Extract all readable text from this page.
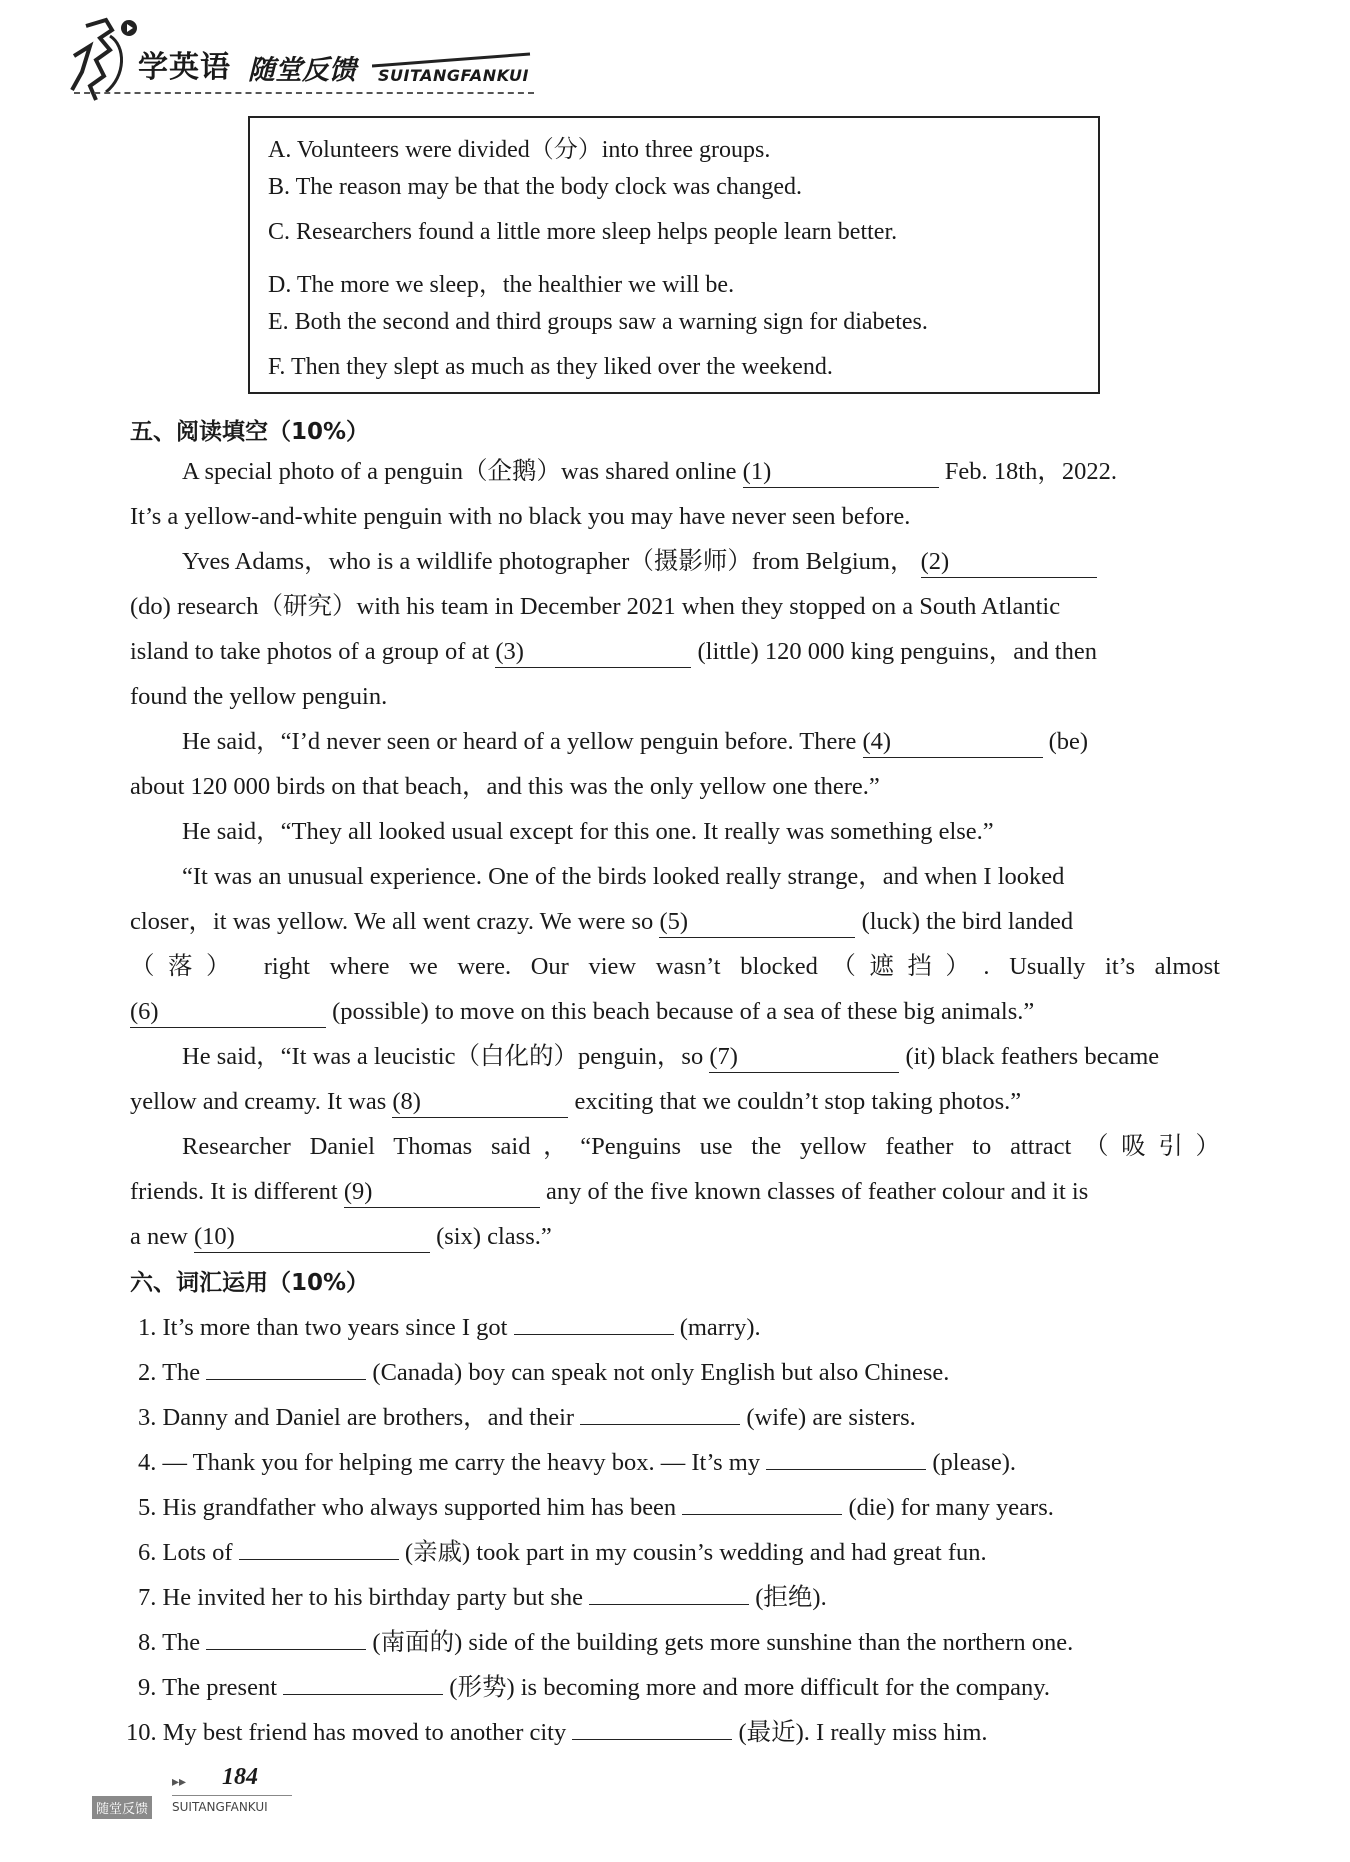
学英语 随堂反馈 SUITANGFANKUI
A. Volunteers were divided（分）into three groups.
B. The reason may be that the body clock was changed.
C. Researchers found a little more sleep helps people learn better.
D. The more we sleep，the healthier we will be.
E. Both the second and third groups saw a warning sign for diabetes.
F. Then they slept as much as they liked over the weekend.
五、阅读填空（10%）
A special photo of a penguin（企鹅）was shared online (1)	Feb. 18th，2022.
It’s a yellow-and-white penguin with no black you may have never seen before.
Yves Adams，who is a wildlife photographer（摄影师）from Belgium， (2)
(do) research（研究）with his team in December 2021 when they stopped on a South Atlantic
island to take photos of a group of at (3)	(little) 120 000 king penguins，and then
found the yellow penguin.
He said，“I’d never seen or heard of a yellow penguin before. There (4)	(be)
about 120 000 birds on that beach，and this was the only yellow one there.”
He said，“They all looked usual except for this one. It really was something else.”
“It was an unusual experience. One of the birds looked really strange，and when I looked
closer，it was yellow. We all went crazy. We were so (5)	(luck) the bird landed
（落） right where we were. Our view wasn’t blocked（遮挡）. Usually it’s almost
(6)	(possible) to move on this beach because of a sea of these big animals.”
He said，“It was a leucistic（白化的）penguin，so (7)	(it) black feathers became
yellow and creamy. It was (8)	exciting that we couldn’t stop taking photos.”
Researcher Daniel Thomas said，“Penguins use the yellow feather to attract（吸引）
friends. It is different (9)	any of the five known classes of feather colour and it is
a new (10)	(six) class.”
六、词汇运用（10%）
1. It’s more than two years since I got	(marry).
2. The	(Canada) boy can speak not only English but also Chinese.
3. Danny and Daniel are brothers，and their	(wife) are sisters.
4. — Thank you for helping me carry the heavy box. — It’s my	(please).
5. His grandfather who always supported him has been	(die) for many years.
6. Lots of	(亲戚) took part in my cousin’s wedding and had great fun.
7. He invited her to his birthday party but she	(拒绝).
8. The	(南面的) side of the building gets more sunshine than the northern one.
9. The present	(形势) is becoming more and more difficult for the company.
10. My best friend has moved to another city	(最近). I really miss him.
▸▸ 184
随堂反馈	SUITANGFANKUI
